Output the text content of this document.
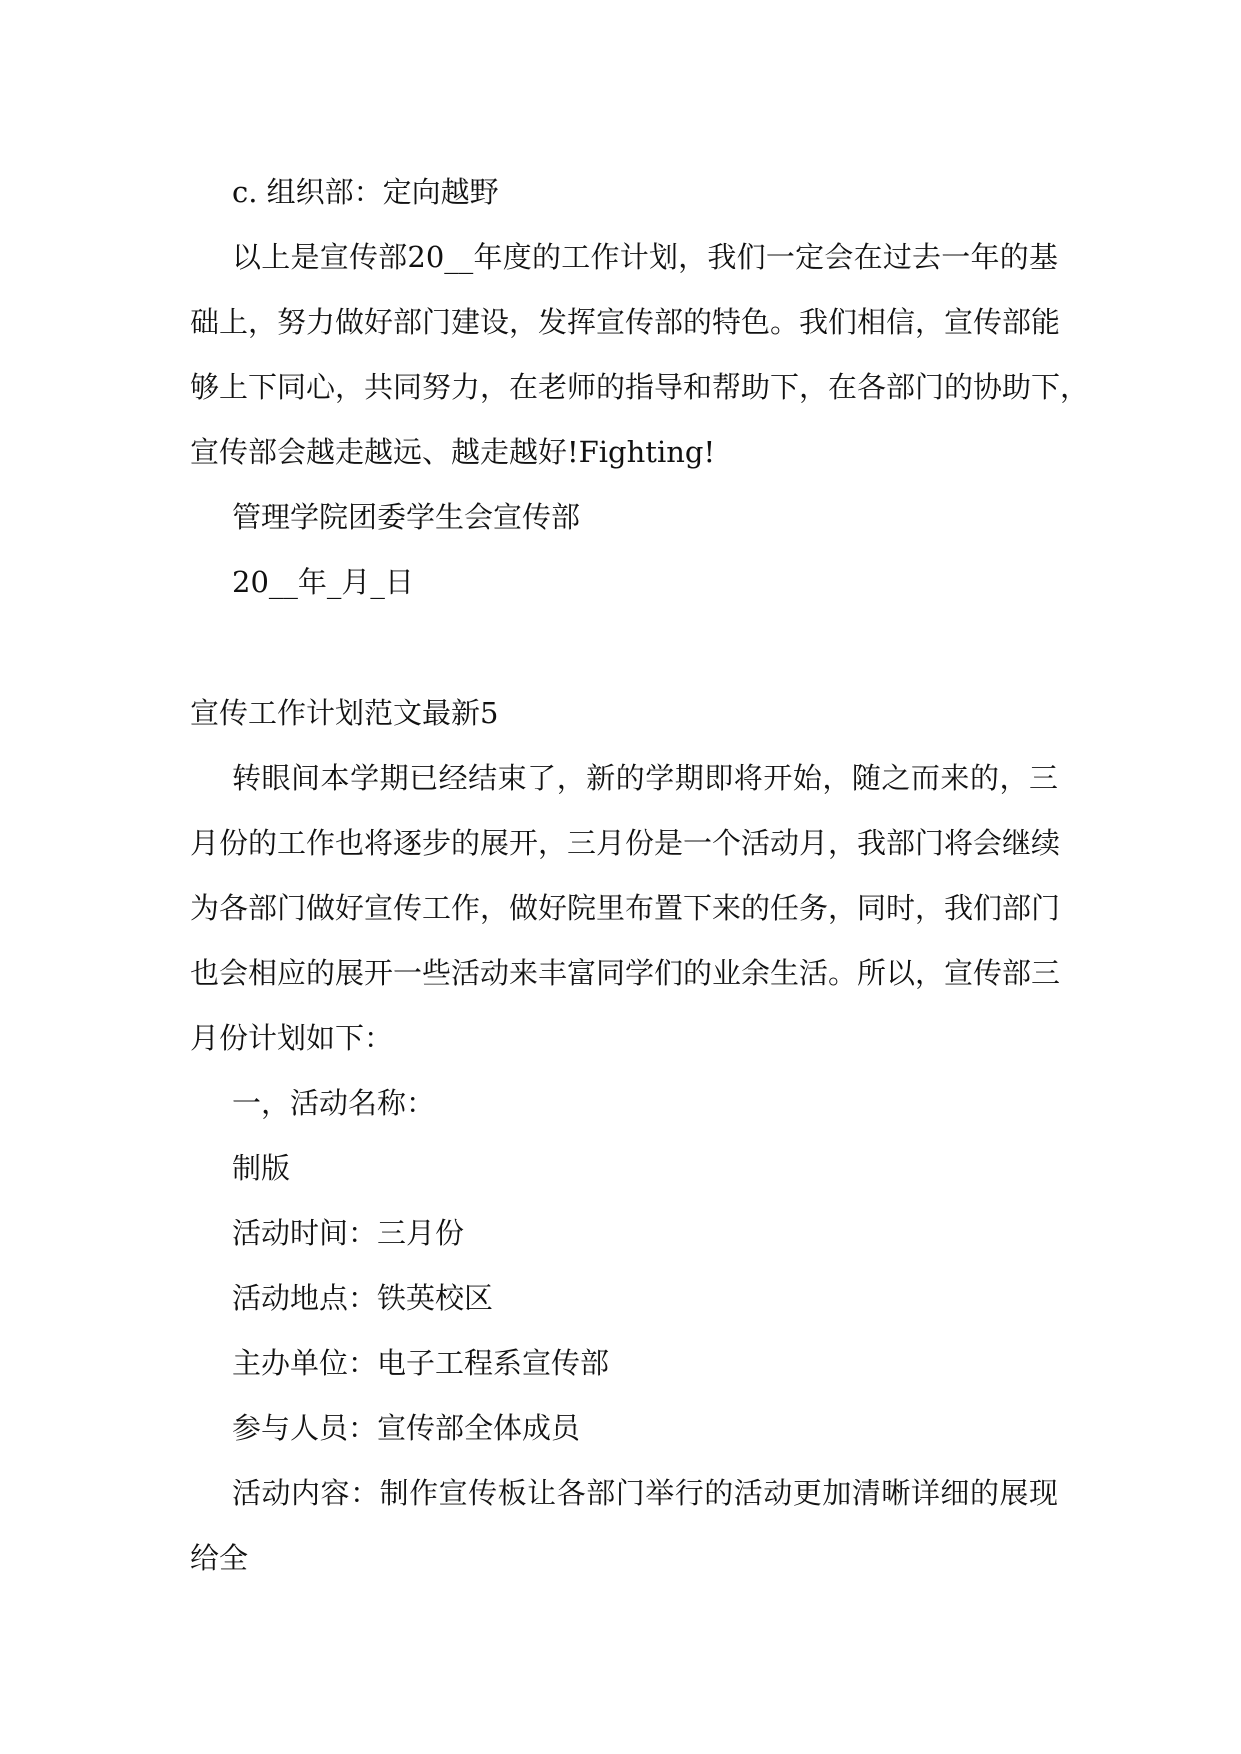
c. 组织部：定向越野
以上是宣传部20__年度的工作计划，我们一定会在过去一年的基
础上，努力做好部门建设，发挥宣传部的特色。我们相信，宣传部能
够上下同心，共同努力，在老师的指导和帮助下，在各部门的协助下，
宣传部会越走越远、越走越好!Fighting!
管理学院团委学生会宣传部
20__年_月_日
宣传工作计划范文最新5
转眼间本学期已经结束了，新的学期即将开始，随之而来的，三
月份的工作也将逐步的展开，三月份是一个活动月，我部门将会继续
为各部门做好宣传工作，做好院里布置下来的任务，同时，我们部门
也会相应的展开一些活动来丰富同学们的业余生活。所以，宣传部三
月份计划如下：
一，活动名称：
制版
活动时间：三月份
活动地点：铁英校区
主办单位：电子工程系宣传部
参与人员：宣传部全体成员
活动内容：制作宣传板让各部门举行的活动更加清晰详细的展现
给全
